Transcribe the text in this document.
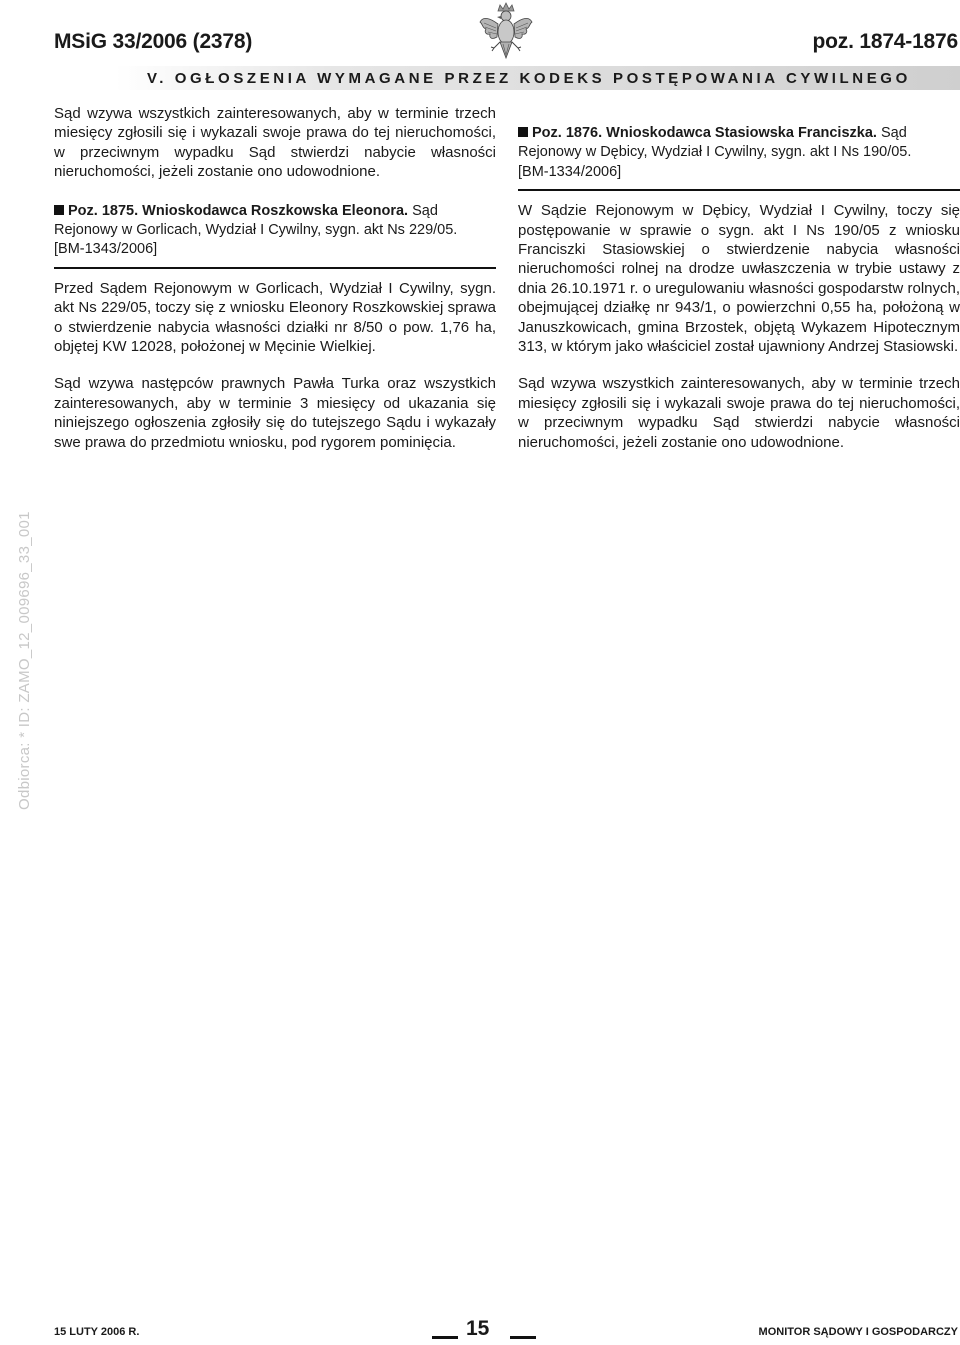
MSiG 33/2006 (2378)	poz. 1874-1876
V. OGŁOSZENIA WYMAGANE PRZEZ KODEKS POSTĘPOWANIA CYWILNEGO

Sąd wzywa wszystkich zainteresowanych, aby w terminie trzech miesięcy zgłosili się i wykazali swoje prawa do tej nieruchomości, w przeciwnym wypadku Sąd stwierdzi nabycie własności nieruchomości, jeżeli zostanie ono udowodnione.

Poz. 1875. Wnioskodawca Roszkowska Eleonora. Sąd Rejonowy w Gorlicach, Wydział I Cywilny, sygn. akt Ns 229/05.
[BM-1343/2006]

Przed Sądem Rejonowym w Gorlicach, Wydział I Cywilny, sygn. akt Ns 229/05, toczy się z wniosku Eleonory Roszkowskiej sprawa o stwierdzenie nabycia własności działki nr 8/50 o pow. 1,76 ha, objętej KW 12028, położonej w Męcinie Wielkiej.

Sąd wzywa następców prawnych Pawła Turka oraz wszystkich zainteresowanych, aby w terminie 3 miesięcy od ukazania się niniejszego ogłoszenia zgłosiły się do tutejszego Sądu i wykazały swe prawa do przedmiotu wniosku, pod rygorem pominięcia.

Poz. 1876. Wnioskodawca Stasiowska Franciszka. Sąd Rejonowy w Dębicy, Wydział I Cywilny, sygn. akt I Ns 190/05.
[BM-1334/2006]

W Sądzie Rejonowym w Dębicy, Wydział I Cywilny, toczy się postępowanie w sprawie o sygn. akt I Ns 190/05 z wniosku Franciszki Stasiowskiej o stwierdzenie nabycia własności nieruchomości rolnej na drodze uwłaszczenia w trybie ustawy z dnia 26.10.1971 r. o uregulowaniu własności gospodarstw rolnych, obejmującej działkę nr 943/1, o powierzchni 0,55 ha, położoną w Januszkowicach, gmina Brzostek, objętą Wykazem Hipotecznym 313, w którym jako właściciel został ujawniony Andrzej Stasiowski.

Sąd wzywa wszystkich zainteresowanych, aby w terminie trzech miesięcy zgłosili się i wykazali swoje prawa do tej nieruchomości, w przeciwnym wypadku Sąd stwierdzi nabycie własności nieruchomości, jeżeli zostanie ono udowodnione.

Odbiorca: * ID: ZAMO_12_009696_33_001
15 LUTY 2006 R.	15	MONITOR SĄDOWY I GOSPODARCZY
